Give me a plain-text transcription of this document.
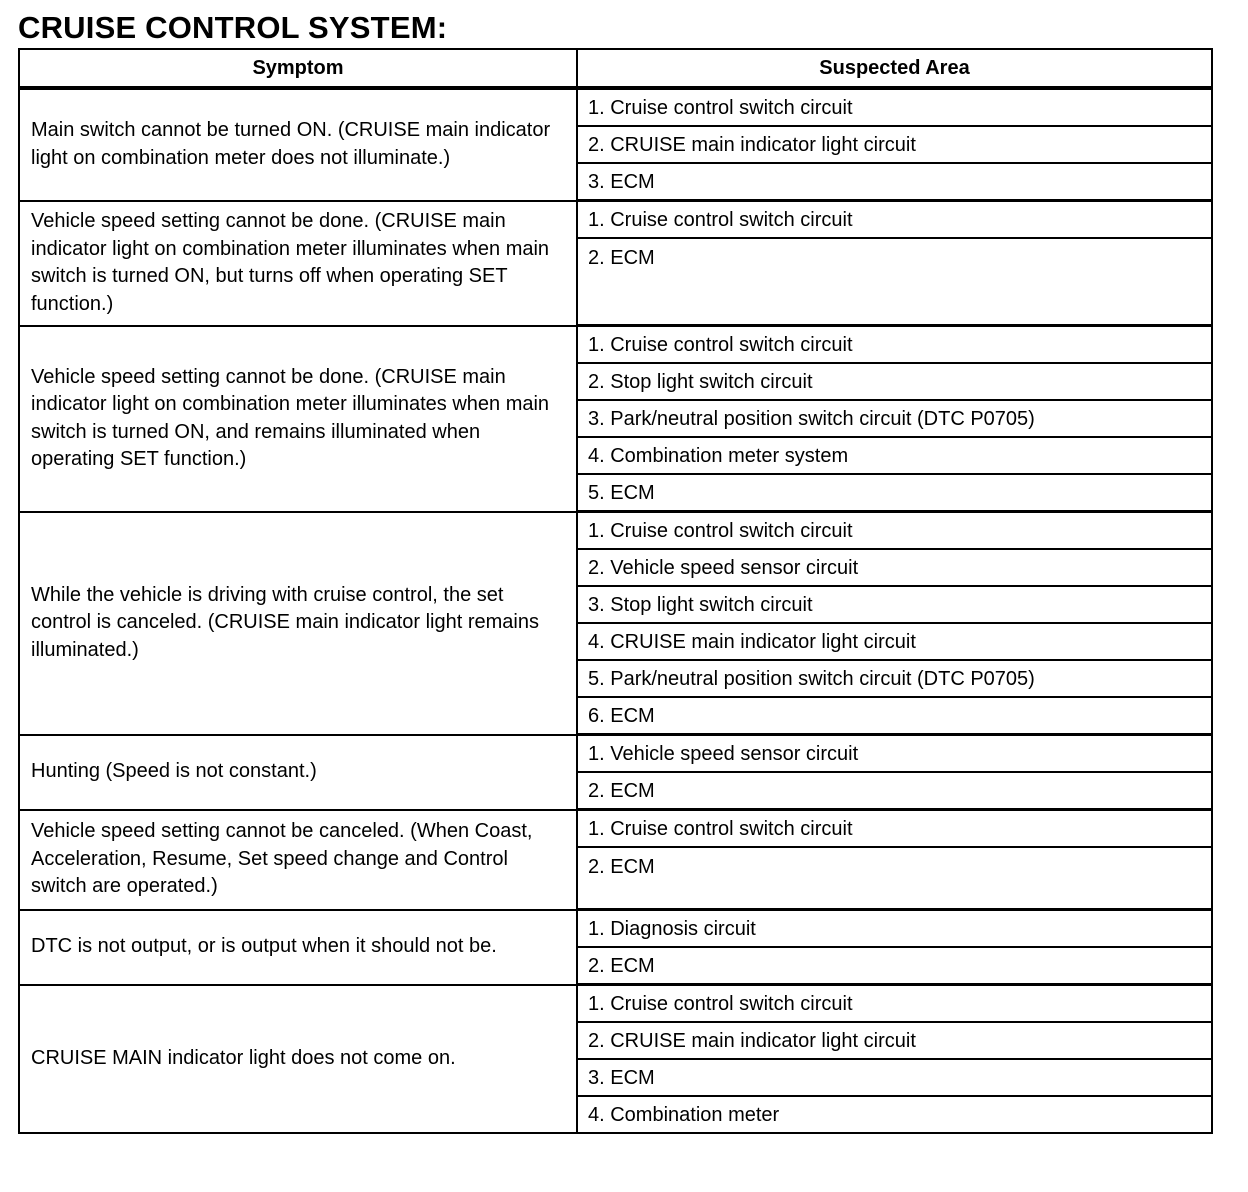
CRUISE CONTROL SYSTEM:
Symptom	Suspected Area
Main switch cannot be turned ON. (CRUISE main indicator light on combination meter does not illuminate.)	1. Cruise control switch circuit
	2. CRUISE main indicator light circuit
	3. ECM
Vehicle speed setting cannot be done. (CRUISE main indicator light on combination meter illuminates when main switch is turned ON, but turns off when operating SET function.)	1. Cruise control switch circuit
	2. ECM
Vehicle speed setting cannot be done. (CRUISE main indicator light on combination meter illuminates when main switch is turned ON, and remains illuminated when operating SET function.)	1. Cruise control switch circuit
	2. Stop light switch circuit
	3. Park/neutral position switch circuit (DTC P0705)
	4. Combination meter system
	5. ECM
While the vehicle is driving with cruise control, the set control is canceled. (CRUISE main indicator light remains illuminated.)	1. Cruise control switch circuit
	2. Vehicle speed sensor circuit
	3. Stop light switch circuit
	4. CRUISE main indicator light circuit
	5. Park/neutral position switch circuit (DTC P0705)
	6. ECM
Hunting (Speed is not constant.)	1. Vehicle speed sensor circuit
	2. ECM
Vehicle speed setting cannot be canceled. (When Coast, Acceleration, Resume, Set speed change and Control switch are operated.)	1. Cruise control switch circuit
	2. ECM
DTC is not output, or is output when it should not be.	1. Diagnosis circuit
	2. ECM
CRUISE MAIN indicator light does not come on.	1. Cruise control switch circuit
	2. CRUISE main indicator light circuit
	3. ECM
	4. Combination meter
